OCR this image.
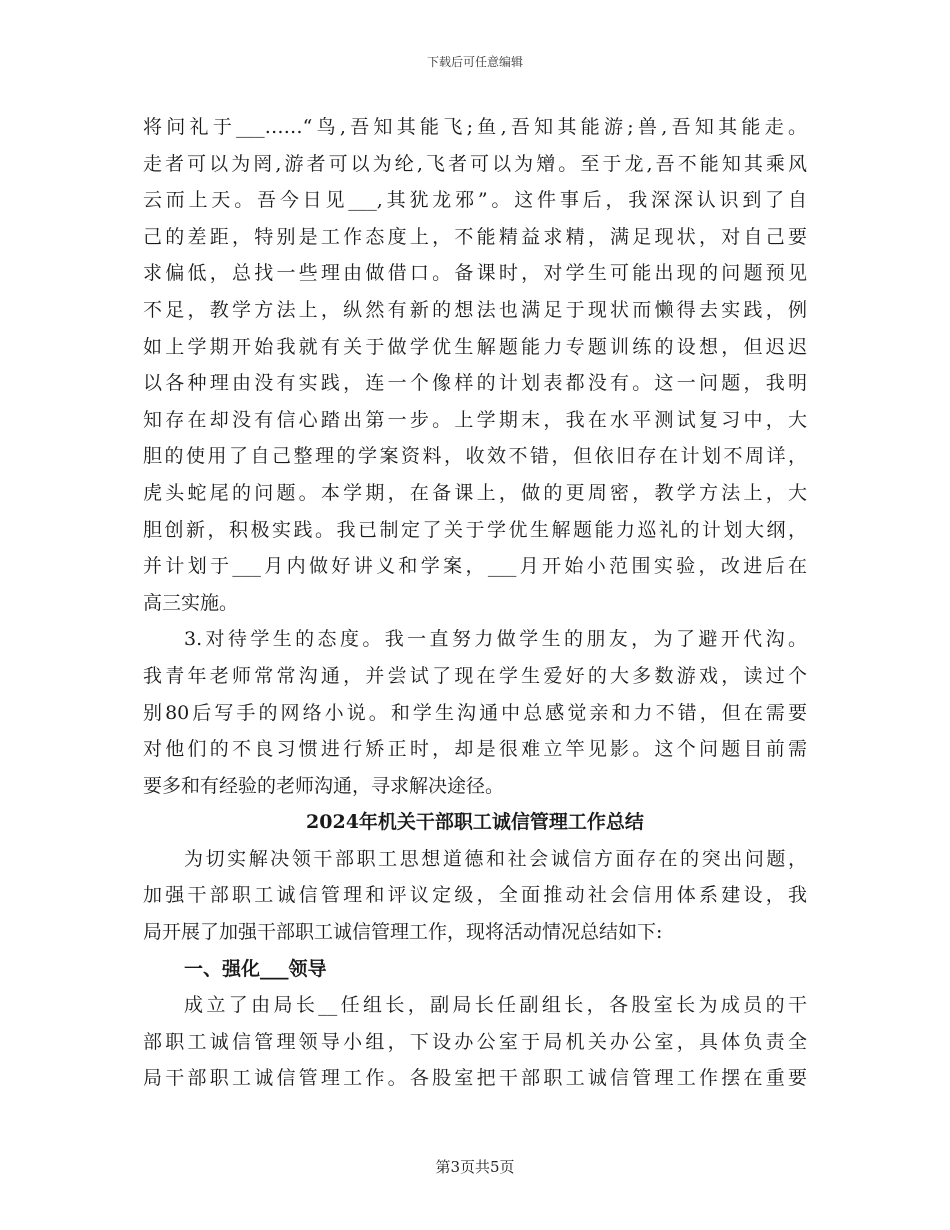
下载后可任意编辑
将问礼于___……“鸟,吾知其能飞;鱼,吾知其能游;兽,吾知其能走。
走者可以为罔,游者可以为纶,飞者可以为矰。至于龙,吾不能知其乘风
云而上天。吾今日见___,其犹龙邪”。这件事后，我深深认识到了自
己的差距，特别是工作态度上，不能精益求精，满足现状，对自己要
求偏低，总找一些理由做借口。备课时，对学生可能出现的问题预见
不足，教学方法上，纵然有新的想法也满足于现状而懒得去实践，例
如上学期开始我就有关于做学优生解题能力专题训练的设想，但迟迟
以各种理由没有实践，连一个像样的计划表都没有。这一问题，我明
知存在却没有信心踏出第一步。上学期末，我在水平测试复习中，大
胆的使用了自己整理的学案资料，收效不错，但依旧存在计划不周详，
虎头蛇尾的问题。本学期，在备课上，做的更周密，教学方法上，大
胆创新，积极实践。我已制定了关于学优生解题能力巡礼的计划大纲，
并计划于___月内做好讲义和学案，___月开始小范围实验，改进后在
高三实施。
3.对待学生的态度。我一直努力做学生的朋友，为了避开代沟。
我青年老师常常沟通，并尝试了现在学生爱好的大多数游戏，读过个
别80后写手的网络小说。和学生沟通中总感觉亲和力不错，但在需要
对他们的不良习惯进行矫正时，却是很难立竿见影。这个问题目前需
要多和有经验的老师沟通，寻求解决途径。
2024年机关干部职工诚信管理工作总结
为切实解决领干部职工思想道德和社会诚信方面存在的突出问题，
加强干部职工诚信管理和评议定级，全面推动社会信用体系建设，我
局开展了加强干部职工诚信管理工作，现将活动情况总结如下:
一、强化___领导
成立了由局长__任组长，副局长任副组长，各股室长为成员的干
部职工诚信管理领导小组，下设办公室于局机关办公室，具体负责全
局干部职工诚信管理工作。各股室把干部职工诚信管理工作摆在重要
第3页共5页
